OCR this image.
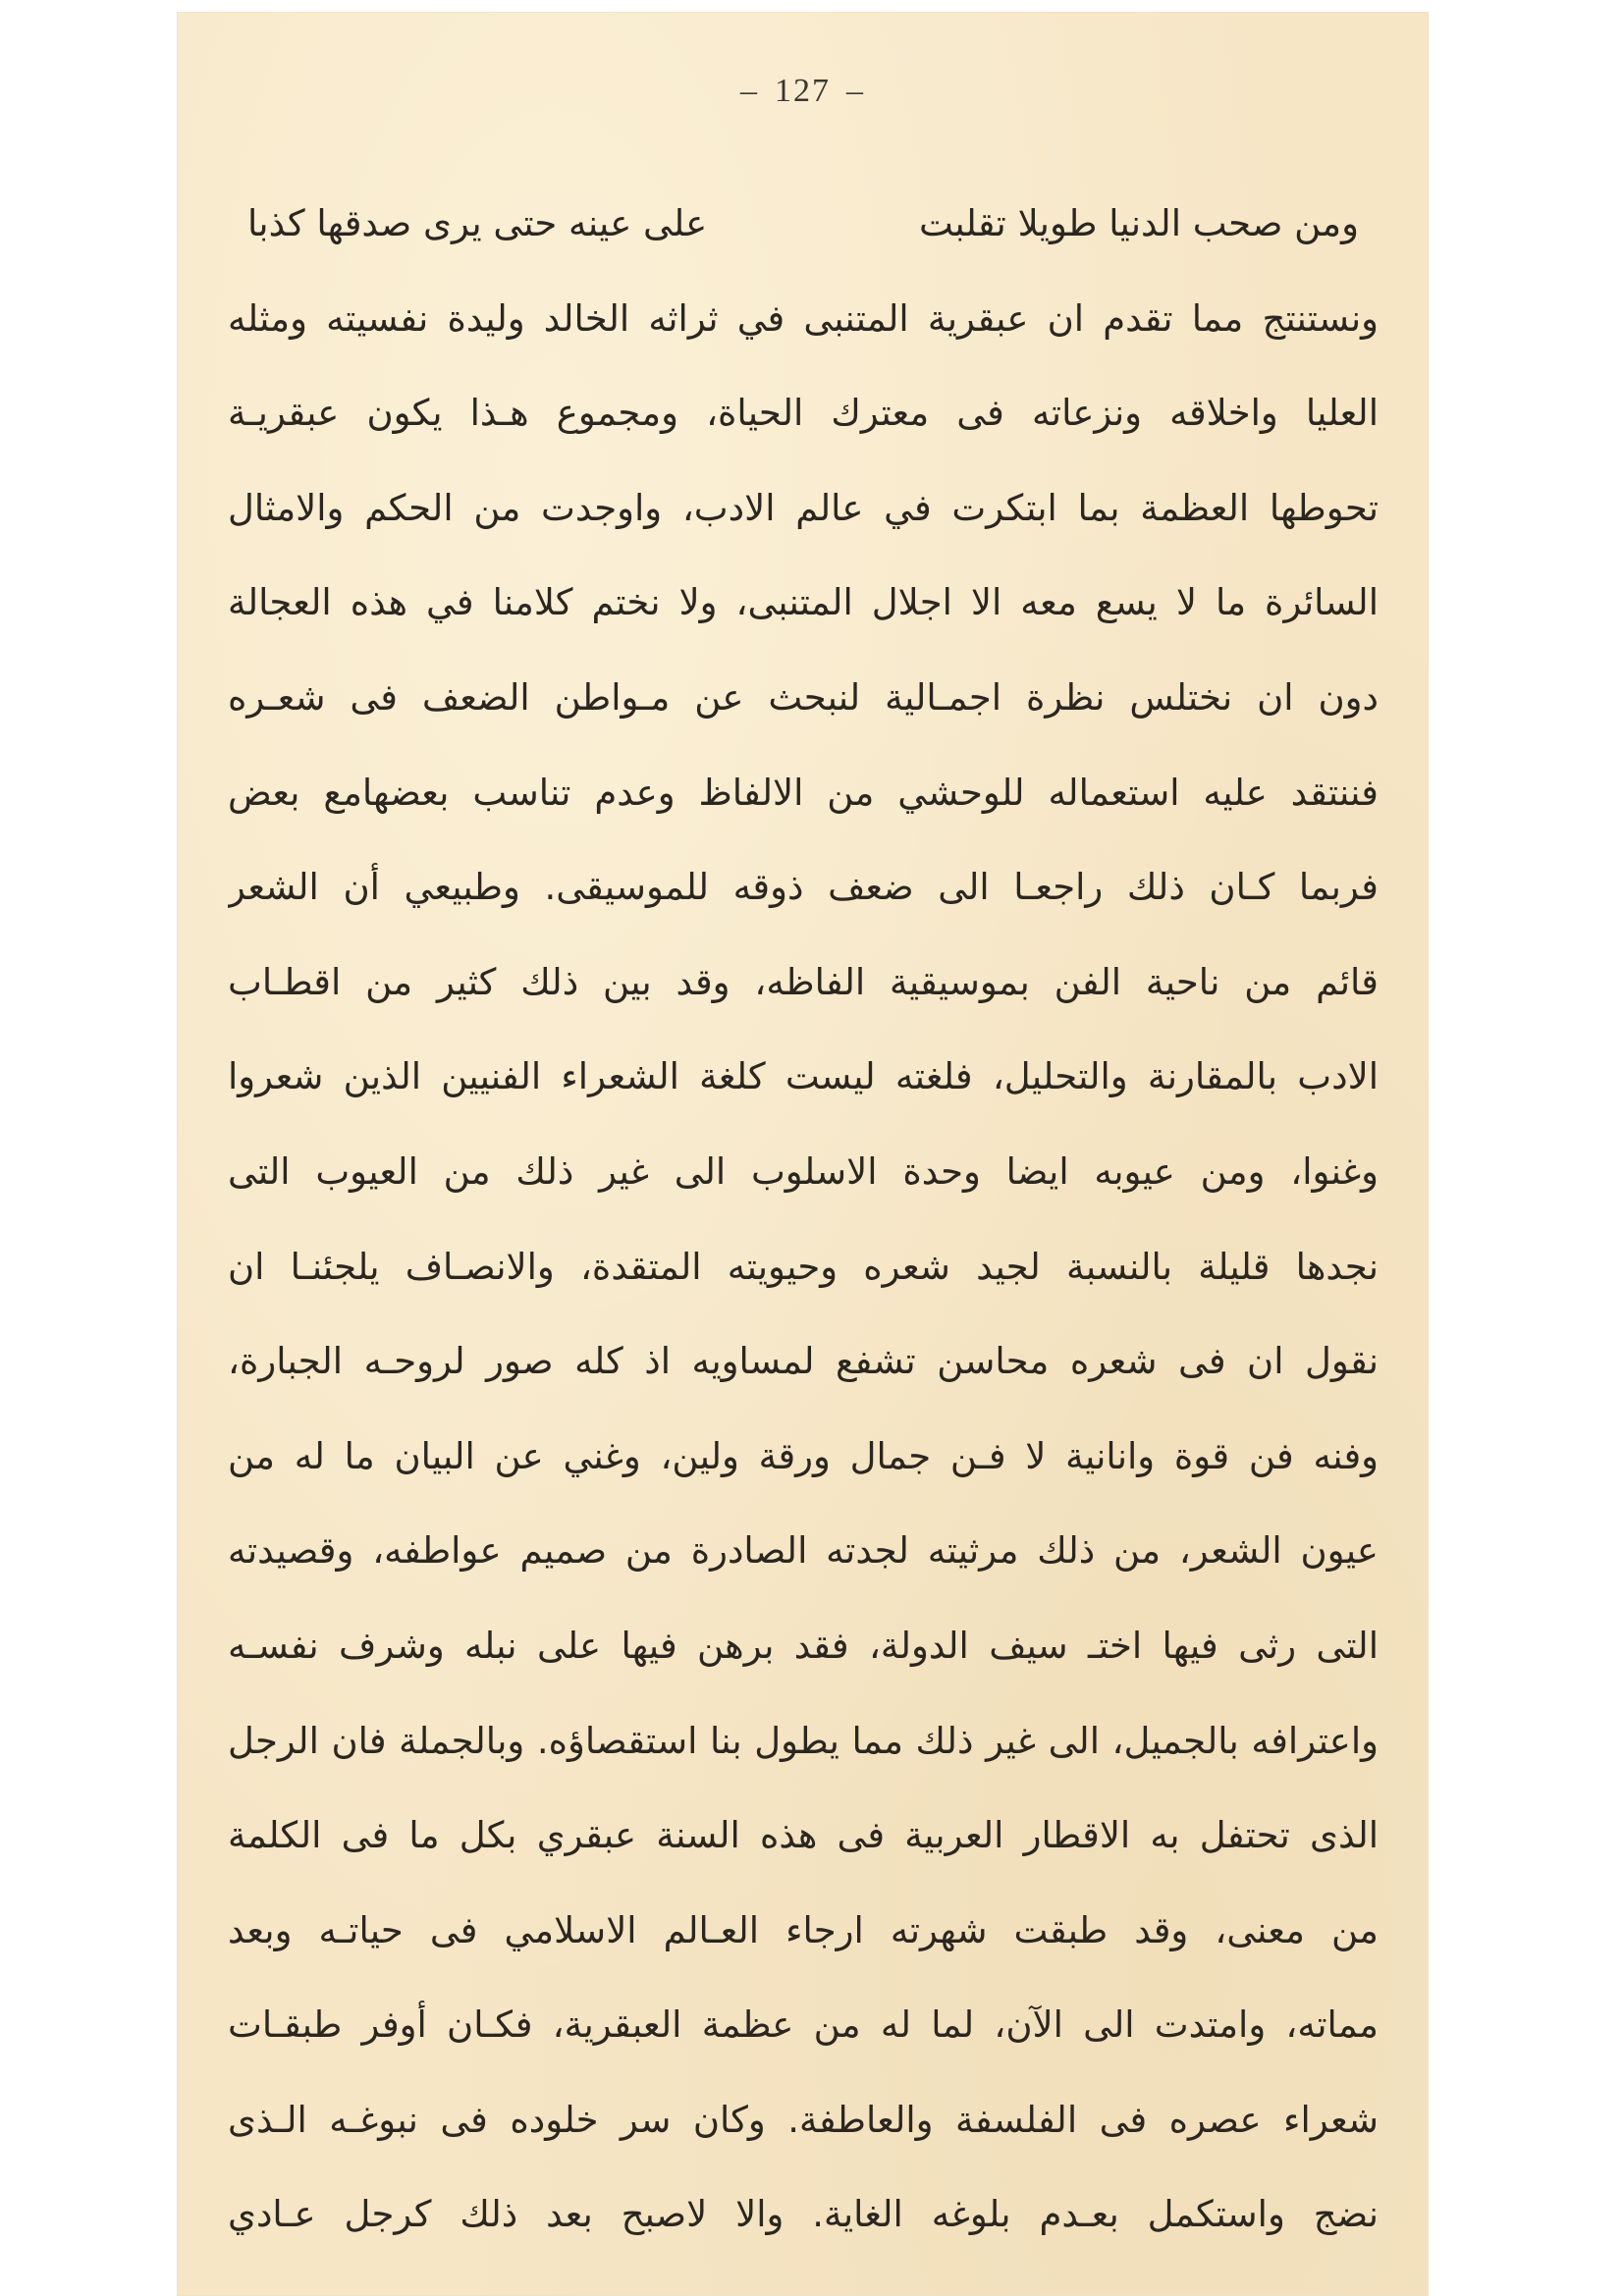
– 127 –
ومن صحب الدنيا طويلا تقلبت
على عينه حتى يرى صدقها كذبا
ونستنتج مما تقدم ان عبقرية المتنبى في ثراثه الخالد وليدة نفسيته ومثله
العليا واخلاقه ونزعاته فى معترك الحياة، ومجموع هـذا يكون عبقريـة
تحوطها العظمة بما ابتكرت في عالم الادب، واوجدت من الحكم والامثال
السائرة ما لا يسع معه الا اجلال المتنبى، ولا نختم كلامنا في هذه العجالة
دون ان نختلس نظرة اجمـالية لنبحث عن مـواطن الضعف فى شعـره
فننتقد عليه استعماله للوحشي من الالفاظ وعدم تناسب بعضهامع بعض
فربما كـان ذلك راجعـا الى ضعف ذوقه للموسيقى. وطبيعي أن الشعر
قائم من ناحية الفن بموسيقية الفاظه، وقد بين ذلك كثير من اقطـاب
الادب بالمقارنة والتحليل، فلغته ليست كلغة الشعراء الفنيين الذين شعروا
وغنوا، ومن عيوبه ايضا وحدة الاسلوب الى غير ذلك من العيوب التى
نجدها قليلة بالنسبة لجيد شعره وحيويته المتقدة، والانصـاف يلجئنـا ان
نقول ان فى شعره محاسن تشفع لمساويه اذ كله صور لروحـه الجبارة،
وفنه فن قوة وانانية لا فـن جمال ورقة ولين، وغني عن البيان ما له من
عيون الشعر، من ذلك مرثيته لجدته الصادرة من صميم عواطفه، وقصيدته
التى رثى فيها اختـ سيف الدولة، فقد برهن فيها على نبله وشرف نفسـه
واعترافه بالجميل، الى غير ذلك مما يطول بنا استقصاؤه. وبالجملة فان الرجل
الذى تحتفل به الاقطار العربية فى هذه السنة عبقري بكل ما فى الكلمة
من معنى، وقد طبقت شهرته ارجاء العـالم الاسلامي فى حياتـه وبعد
مماته، وامتدت الى الآن، لما له من عظمة العبقرية، فكـان أوفر طبقـات
شعراء عصره فى الفلسفة والعاطفة. وكان سر خلوده فى نبوغـه الـذى
نضج واستكمل بعـدم بلوغه الغاية. والا لاصبح بعد ذلك كرجل عـادي
